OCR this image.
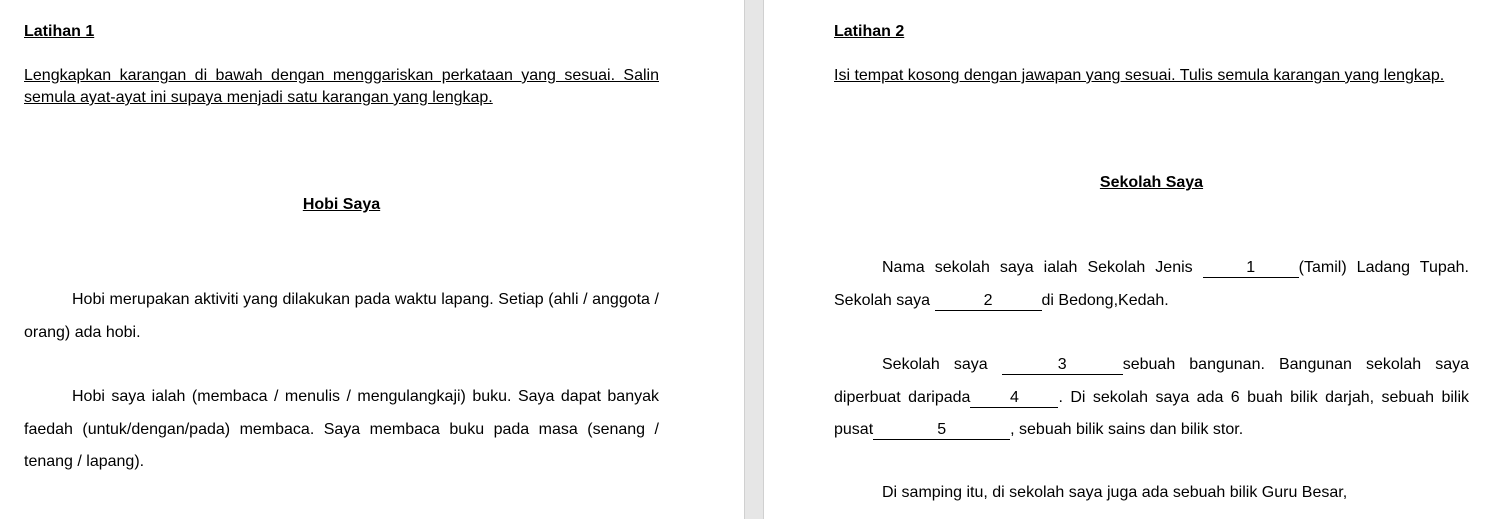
Latihan 1

Lengkapkan karangan di bawah dengan menggariskan perkataan yang sesuai. Salin semula ayat-ayat ini supaya menjadi satu karangan yang lengkap.

Hobi Saya

Hobi merupakan aktiviti yang dilakukan pada waktu lapang. Setiap (ahli / anggota / orang) ada hobi.

Hobi saya ialah (membaca / menulis / mengulangkaji) buku. Saya dapat banyak faedah (untuk/dengan/pada) membaca. Saya membaca buku pada masa (senang / tenang / lapang).

Latihan 2

Isi tempat kosong dengan jawapan yang sesuai. Tulis semula karangan yang lengkap.

Sekolah Saya

Nama sekolah saya ialah Sekolah Jenis	1	(Tamil) Ladang Tupah. Sekolah saya	2	di Bedong,Kedah.

Sekolah saya	3	sebuah bangunan. Bangunan sekolah saya diperbuat daripada 4 . Di sekolah saya ada 6 buah bilik darjah, sebuah bilik pusat	5	, sebuah bilik sains dan bilik stor.

Di samping itu, di sekolah saya juga ada sebuah bilik Guru Besar,
